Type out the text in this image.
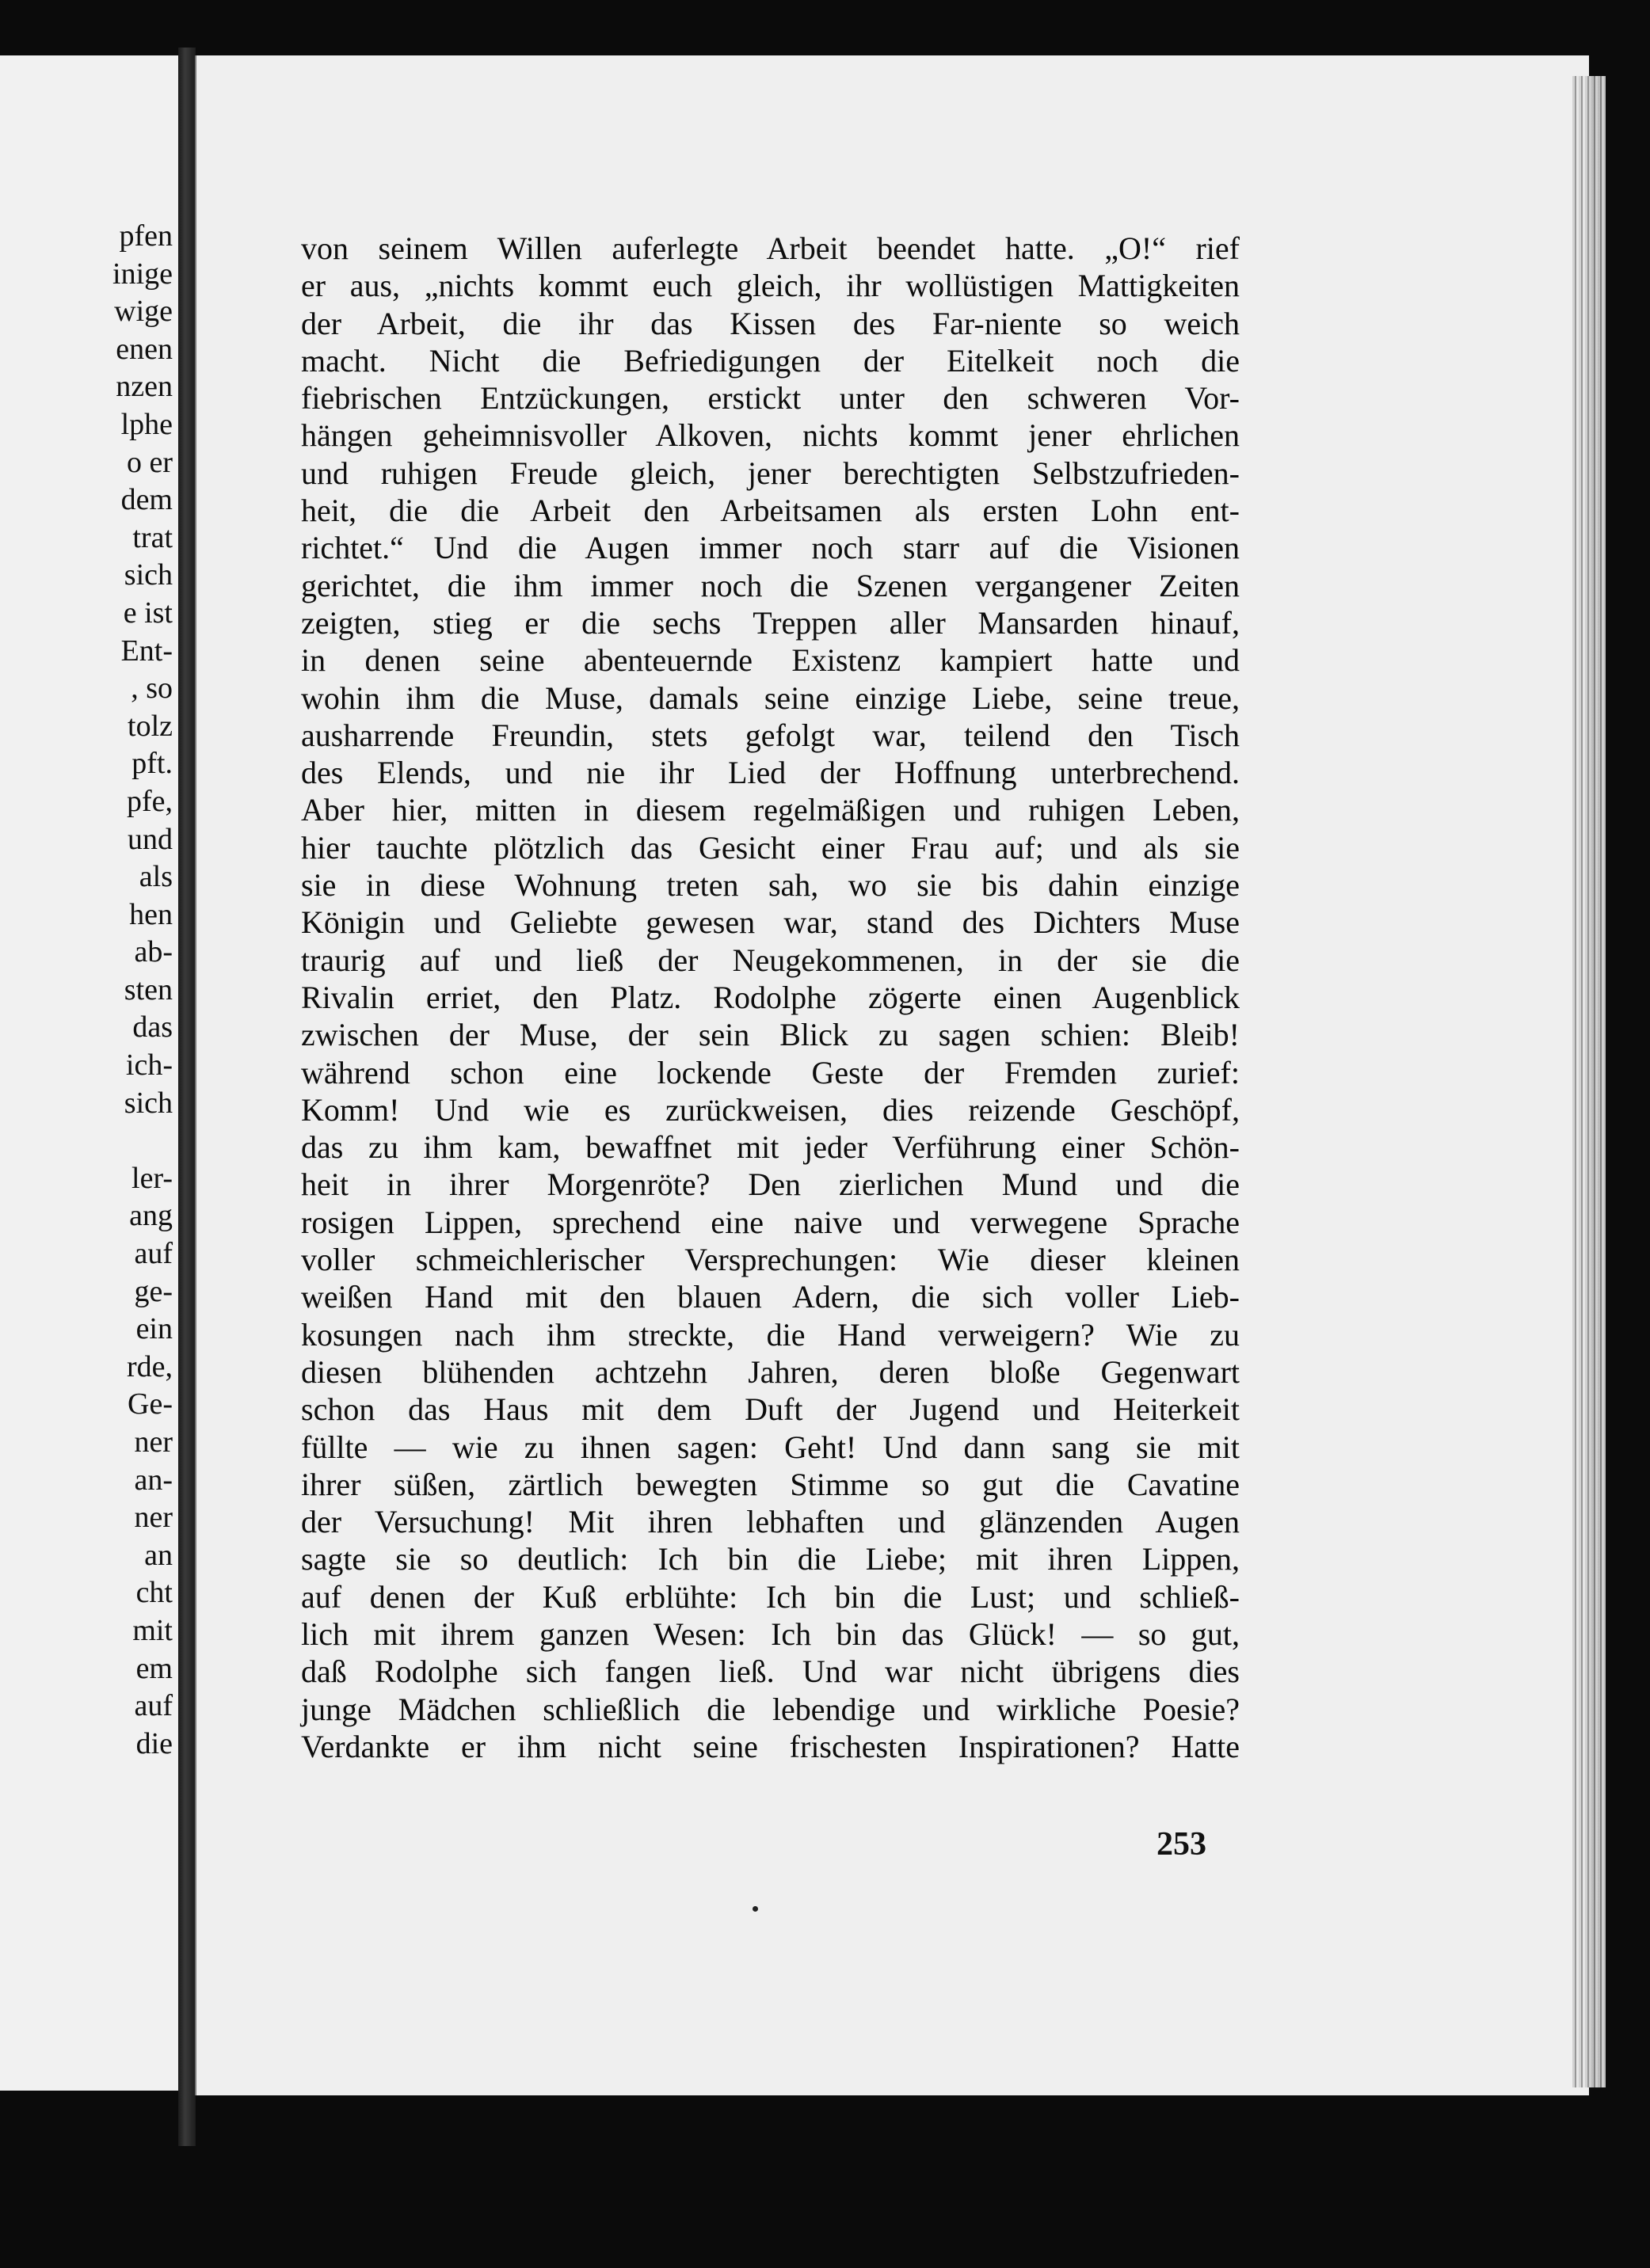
pfen
inige
wige
enen
nzen
lphe
o er
dem
trat
sich
e ist
Ent-
, so
tolz
pft.
pfe,
und
als
hen
ab-
sten
das
ich-
sich
ler-
ang
auf
ge-
ein
rde,
Ge-
ner
an-
ner
an
cht
mit
em
auf
die
von seinem Willen auferlegte Arbeit beendet hatte. „O!“ rief
er aus, „nichts kommt euch gleich, ihr wollüstigen Mattigkeiten
der Arbeit, die ihr das Kissen des Far-niente so weich
macht. Nicht die Befriedigungen der Eitelkeit noch die
fiebrischen Entzückungen, erstickt unter den schweren Vor-
hängen geheimnisvoller Alkoven, nichts kommt jener ehrlichen
und ruhigen Freude gleich, jener berechtigten Selbstzufrieden-
heit, die die Arbeit den Arbeitsamen als ersten Lohn ent-
richtet.“ Und die Augen immer noch starr auf die Visionen
gerichtet, die ihm immer noch die Szenen vergangener Zeiten
zeigten, stieg er die sechs Treppen aller Mansarden hinauf,
in denen seine abenteuernde Existenz kampiert hatte und
wohin ihm die Muse, damals seine einzige Liebe, seine treue,
ausharrende Freundin, stets gefolgt war, teilend den Tisch
des Elends, und nie ihr Lied der Hoffnung unterbrechend.
Aber hier, mitten in diesem regelmäßigen und ruhigen Leben,
hier tauchte plötzlich das Gesicht einer Frau auf; und als sie
sie in diese Wohnung treten sah, wo sie bis dahin einzige
Königin und Geliebte gewesen war, stand des Dichters Muse
traurig auf und ließ der Neugekommenen, in der sie die
Rivalin erriet, den Platz. Rodolphe zögerte einen Augenblick
zwischen der Muse, der sein Blick zu sagen schien: Bleib!
während schon eine lockende Geste der Fremden zurief:
Komm! Und wie es zurückweisen, dies reizende Geschöpf,
das zu ihm kam, bewaffnet mit jeder Verführung einer Schön-
heit in ihrer Morgenröte? Den zierlichen Mund und die
rosigen Lippen, sprechend eine naive und verwegene Sprache
voller schmeichlerischer Versprechungen: Wie dieser kleinen
weißen Hand mit den blauen Adern, die sich voller Lieb-
kosungen nach ihm streckte, die Hand verweigern? Wie zu
diesen blühenden achtzehn Jahren, deren bloße Gegenwart
schon das Haus mit dem Duft der Jugend und Heiterkeit
füllte — wie zu ihnen sagen: Geht! Und dann sang sie mit
ihrer süßen, zärtlich bewegten Stimme so gut die Cavatine
der Versuchung! Mit ihren lebhaften und glänzenden Augen
sagte sie so deutlich: Ich bin die Liebe; mit ihren Lippen,
auf denen der Kuß erblühte: Ich bin die Lust; und schließ-
lich mit ihrem ganzen Wesen: Ich bin das Glück! — so gut,
daß Rodolphe sich fangen ließ. Und war nicht übrigens dies
junge Mädchen schließlich die lebendige und wirkliche Poesie?
Verdankte er ihm nicht seine frischesten Inspirationen? Hatte
253
